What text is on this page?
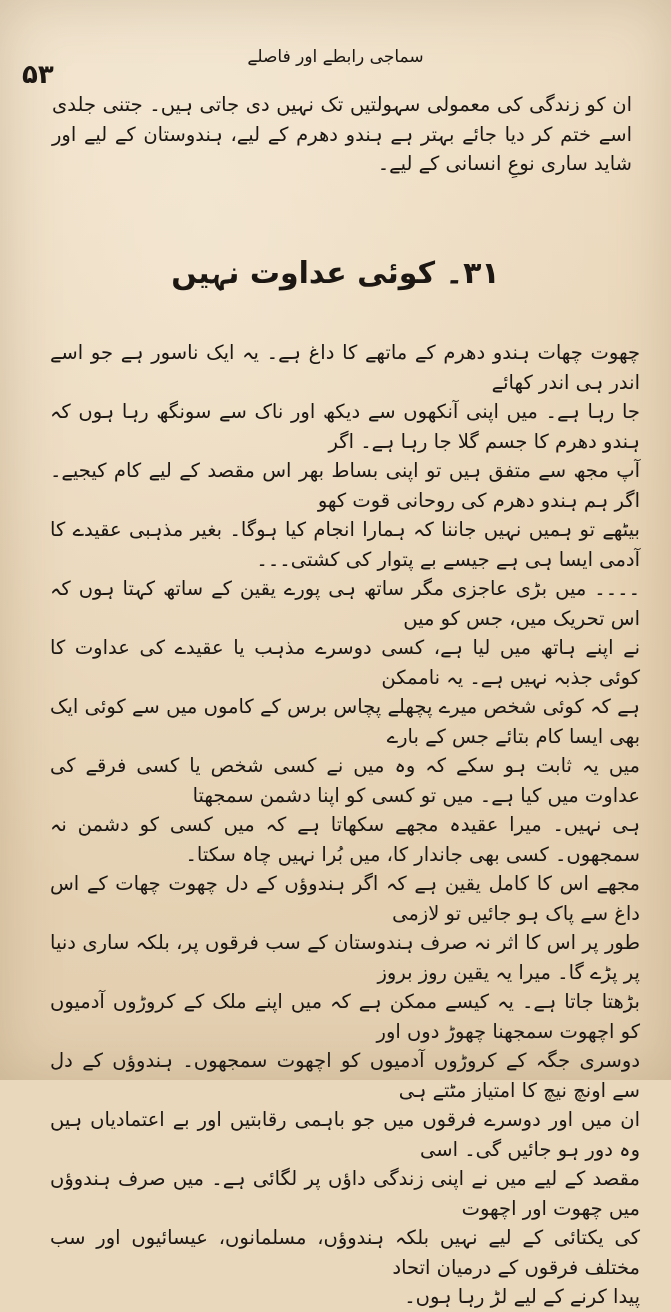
سماجی رابطے اور فاصلے
۵۳
ان کو زندگی کی معمولی سہولتیں تک نہیں دی جاتی ہیں۔ جتنی جلدی اسے ختم کر دیا جائے بہتر ہے ہندو دھرم کے لیے، ہندوستان کے لیے اور شاید ساری نوعِ انسانی کے لیے۔
۳۱۔ کوئی عداوت نہیں
چھوت چھات ہندو دھرم کے ماتھے کا داغ ہے۔ یہ ایک ناسور ہے جو اسے اندر ہی اندر کھائے
جا رہا ہے۔ میں اپنی آنکھوں سے دیکھ اور ناک سے سونگھ رہا ہوں کہ ہندو دھرم کا جسم گلا جا رہا ہے۔ اگر
آپ مجھ سے متفق ہیں تو اپنی بساط بھر اس مقصد کے لیے کام کیجیے۔ اگر ہم ہندو دھرم کی روحانی قوت کھو
بیٹھے تو ہمیں نہیں جاننا کہ ہمارا انجام کیا ہوگا۔ بغیر مذہبی عقیدے کا آدمی ایسا ہی ہے جیسے بے پتوار کی کشتی۔۔۔
۔۔۔۔ میں بڑی عاجزی مگر ساتھ ہی پورے یقین کے ساتھ کہتا ہوں کہ اس تحریک میں، جس کو میں
نے اپنے ہاتھ میں لیا ہے، کسی دوسرے مذہب یا عقیدے کی عداوت کا کوئی جذبہ نہیں ہے۔ یہ ناممکن
ہے کہ کوئی شخص میرے پچھلے پچاس برس کے کاموں میں سے کوئی ایک بھی ایسا کام بتائے جس کے بارے
میں یہ ثابت ہو سکے کہ وہ میں نے کسی شخص یا کسی فرقے کی عداوت میں کیا ہے۔ میں تو کسی کو اپنا دشمن سمجھتا
ہی نہیں۔ میرا عقیدہ مجھے سکھاتا ہے کہ میں کسی کو دشمن نہ سمجھوں۔ کسی بھی جاندار کا، میں بُرا نہیں چاہ سکتا۔
مجھے اس کا کامل یقین ہے کہ اگر ہندوؤں کے دل چھوت چھات کے اس داغ سے پاک ہو جائیں تو لازمی
طور پر اس کا اثر نہ صرف ہندوستان کے سب فرقوں پر، بلکہ ساری دنیا پر پڑے گا۔ میرا یہ یقین روز بروز
بڑھتا جاتا ہے۔ یہ کیسے ممکن ہے کہ میں اپنے ملک کے کروڑوں آدمیوں کو اچھوت سمجھنا چھوڑ دوں اور
دوسری جگہ کے کروڑوں آدمیوں کو اچھوت سمجھوں۔ ہندوؤں کے دل سے اونچ نیچ کا امتیاز مٹتے ہی
ان میں اور دوسرے فرقوں میں جو باہمی رقابتیں اور بے اعتمادیاں ہیں وہ دور ہو جائیں گی۔ اسی
مقصد کے لیے میں نے اپنی زندگی داؤں پر لگائی ہے۔ میں صرف ہندوؤں میں چھوت اور اچھوت
کی یکتائی کے لیے نہیں بلکہ ہندوؤں، مسلمانوں، عیسائیوں اور سب مختلف فرقوں کے درمیان اتحاد
پیدا کرنے کے لیے لڑ رہا ہوں۔
